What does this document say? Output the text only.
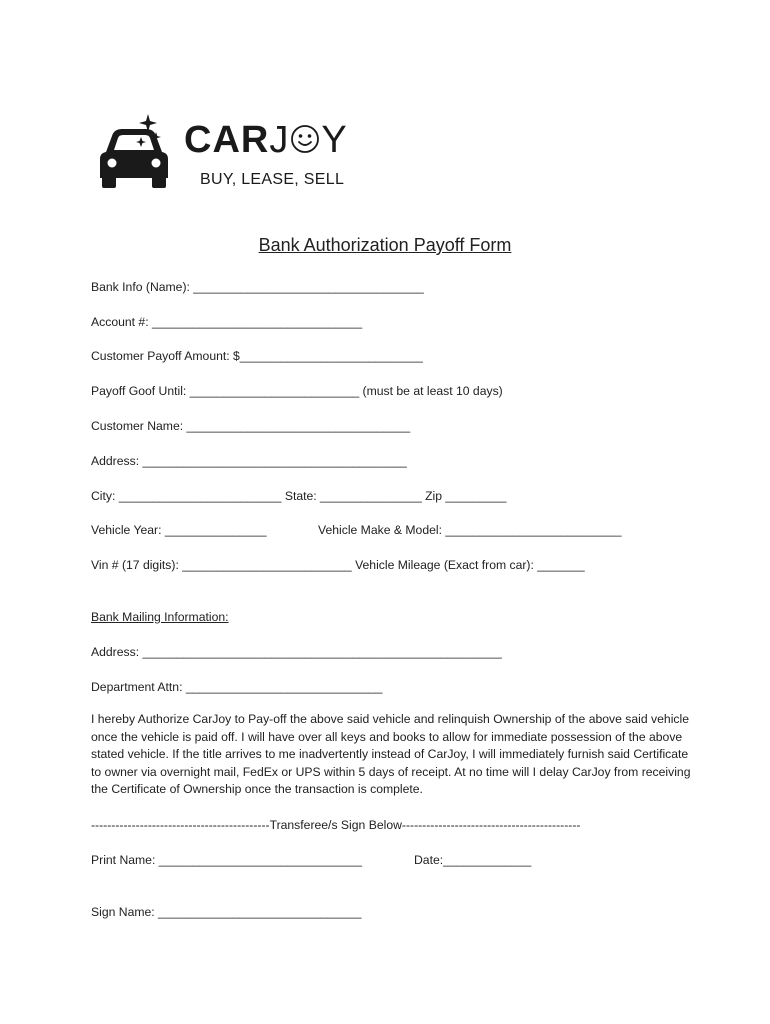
CARJ Y
BUY, LEASE, SELL
Bank Authorization Payoff Form
Bank Info (Name): __________________________________
Account #: _______________________________
Customer Payoff Amount: $___________________________
Payoff Goof Until: _________________________ (must be at least 10 days)
Customer Name: _________________________________
Address: _______________________________________
City: ________________________ State: _______________ Zip _________
Vehicle Year: _______________	Vehicle Make & Model: __________________________
Vin # (17 digits): _________________________ Vehicle Mileage (Exact from car): _______
Bank Mailing Information:
Address: _____________________________________________________
Department Attn: _____________________________
I hereby Authorize CarJoy to Pay-off the above said vehicle and relinquish Ownership of the above said vehicle once the vehicle is paid off. I will have over all keys and books to allow for immediate possession of the above stated vehicle. If the title arrives to me inadvertently instead of CarJoy, I will immediately furnish said Certificate to owner via overnight mail, FedEx or UPS within 5 days of receipt. At no time will I delay CarJoy from receiving the Certificate of Ownership once the transaction is complete.
--------------------------------------------Transferee/s Sign Below--------------------------------------------
Print Name: ______________________________	Date:_____________
Sign Name: ______________________________
